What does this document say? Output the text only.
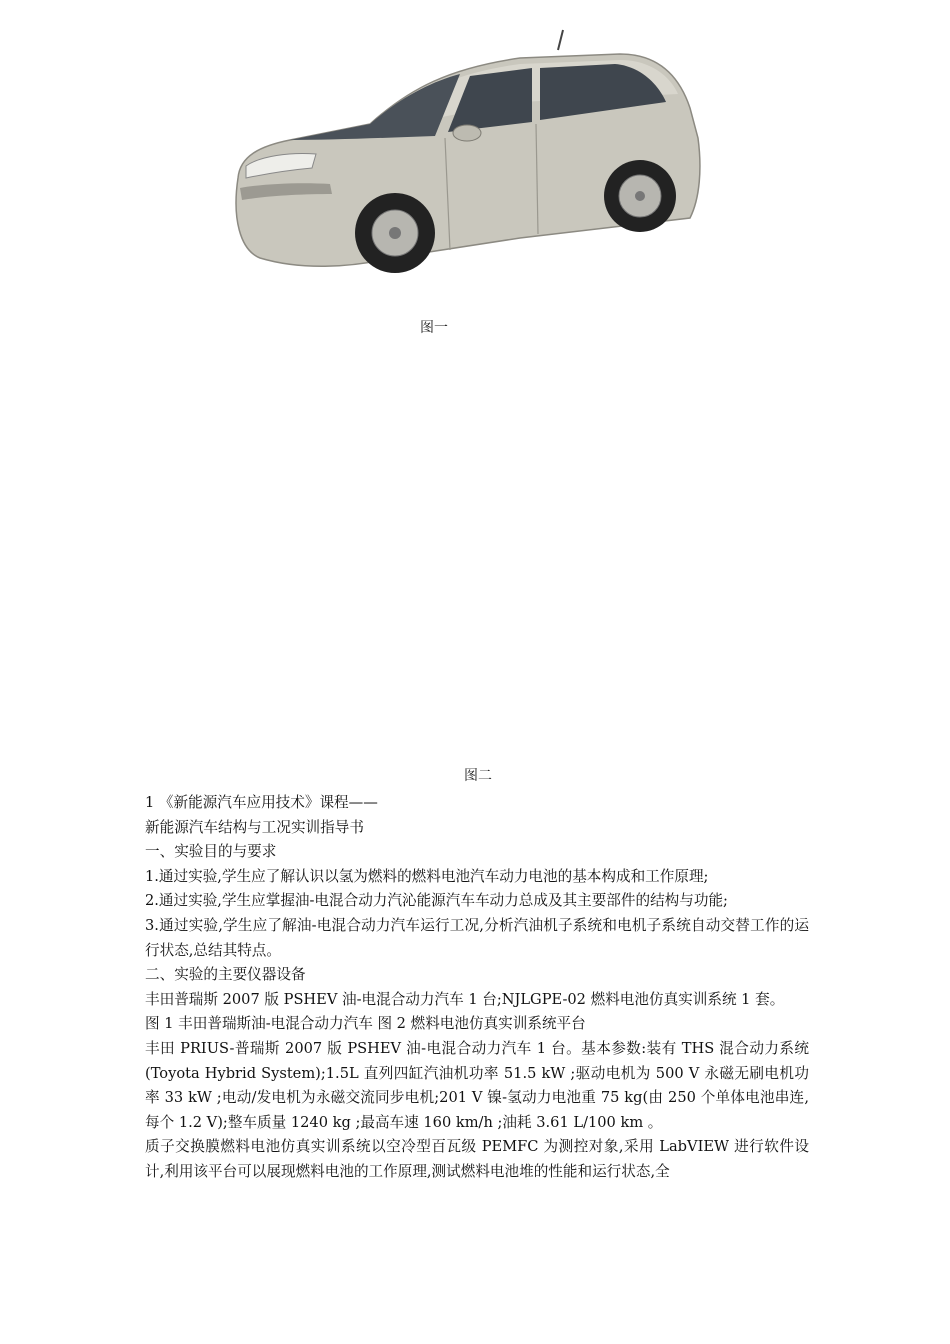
图一
图二

1 《新能源汽车应用技术》课程——

新能源汽车结构与工况实训指导书

一、实验目的与要求

1.通过实验,学生应了解认识以氢为燃料的燃料电池汽车动力电池的基本构成和工作原理;

2.通过实验,学生应掌握油-电混合动力汽沁能源汽车车动力总成及其主要部件的结构与功能;

3.通过实验,学生应了解油-电混合动力汽车运行工况,分析汽油机子系统和电机子系统自动交替工作的运行状态,总结其特点。

二、实验的主要仪器设备

丰田普瑞斯 2007 版 PSHEV 油-电混合动力汽车 1 台;NJLGPE-02 燃料电池仿真实训系统 1 套。

图 1 丰田普瑞斯油-电混合动力汽车 图 2 燃料电池仿真实训系统平台

丰田 PRIUS-普瑞斯 2007 版 PSHEV 油-电混合动力汽车 1 台。基本参数:装有 THS 混合动力系统(Toyota Hybrid System);1.5L 直列四缸汽油机功率 51.5 kW ;驱动电机为 500 V 永磁无刷电机功率 33 kW ;电动/发电机为永磁交流同步电机;201 V 镍-氢动力电池重 75 kg(由 250 个单体电池串连,每个 1.2 V);整车质量 1240 kg ;最高车速 160 km/h ;油耗 3.61 L/100 km 。

质子交换膜燃料电池仿真实训系统以空冷型百瓦级 PEMFC 为测控对象,采用 LabVIEW 进行软件设计,利用该平台可以展现燃料电池的工作原理,测试燃料电池堆的性能和运行状态,全
